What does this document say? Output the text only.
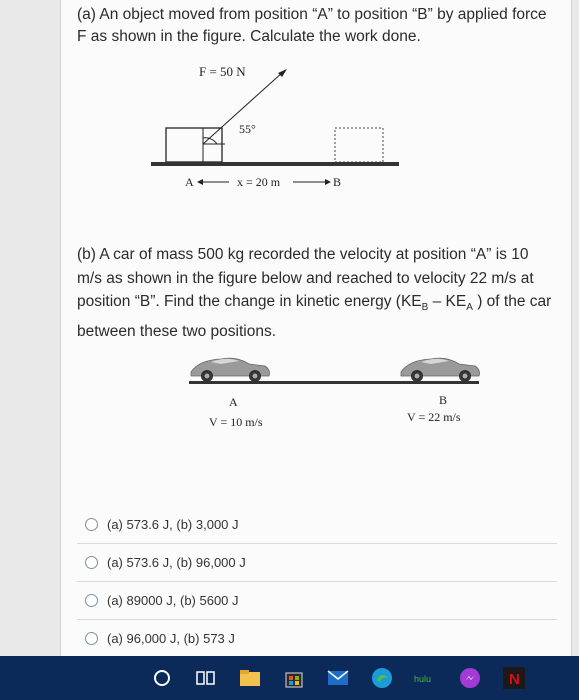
(a) An object moved from position “A” to position “B” by applied force F as shown in the figure. Calculate the work done.
F = 50 N
55°
A	x = 20 m	B
(b) A car of mass 500 kg recorded the velocity at position “A” is 10 m/s as shown in the figure below and reached to velocity 22 m/s at position “B”. Find the change in kinetic energy ($KE_B - KE_A$ ) of the car between these two positions.
A
V = 10 m/s
B
V = 22 m/s
(a) 573.6 J, (b) 3,000 J
(a) 573.6 J, (b) 96,000 J
(a) 89000 J, (b) 5600 J
(a) 96,000 J, (b) 573 J
hulu	N
